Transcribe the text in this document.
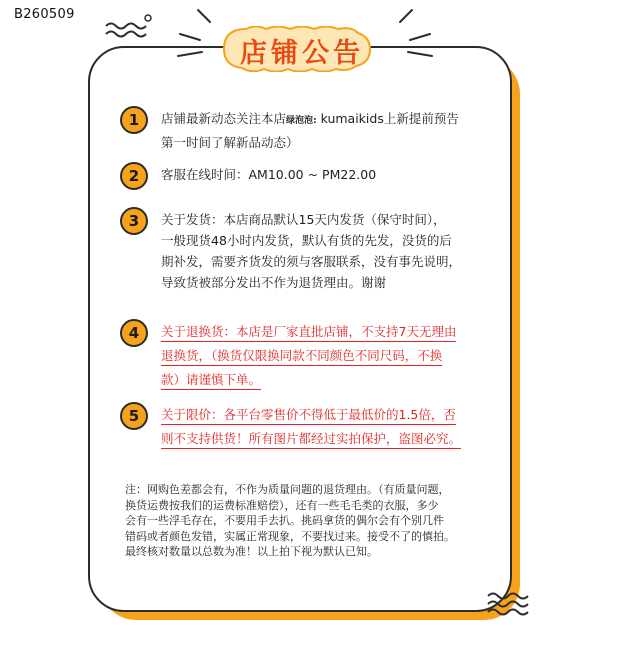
B260509
店铺公告
1	店铺最新动态关注本店绿泡泡: kumaikids上新提前预告
第一时间了解新品动态）
2	客服在线时间：AM10.00 ~ PM22.00
3	关于发货：本店商品默认15天内发货（保守时间），
一般现货48小时内发货，默认有货的先发，没货的后
期补发，需要齐货发的须与客服联系，没有事先说明，
导致货被部分发出不作为退货理由。谢谢
4	关于退换货：本店是厂家直批店铺，不支持7天无理由
退换货，（换货仅限换同款不同颜色不同尺码，不换
款）请谨慎下单。
5	关于限价：各平台零售价不得低于最低价的1.5倍，否
则不支持供货！所有图片都经过实拍保护，盗图必究。
注：网购色差都会有，不作为质量问题的退货理由。（有质量问题，
换货运费按我们的运费标准赔偿），还有一些毛毛类的衣服，多少
会有一些浮毛存在，不要用手去扒。挑码拿货的偶尔会有个别几件
错码或者颜色发错，实属正常现象，不要找过来。接受不了的慎拍。
最终核对数量以总数为准！以上拍下视为默认已知。
